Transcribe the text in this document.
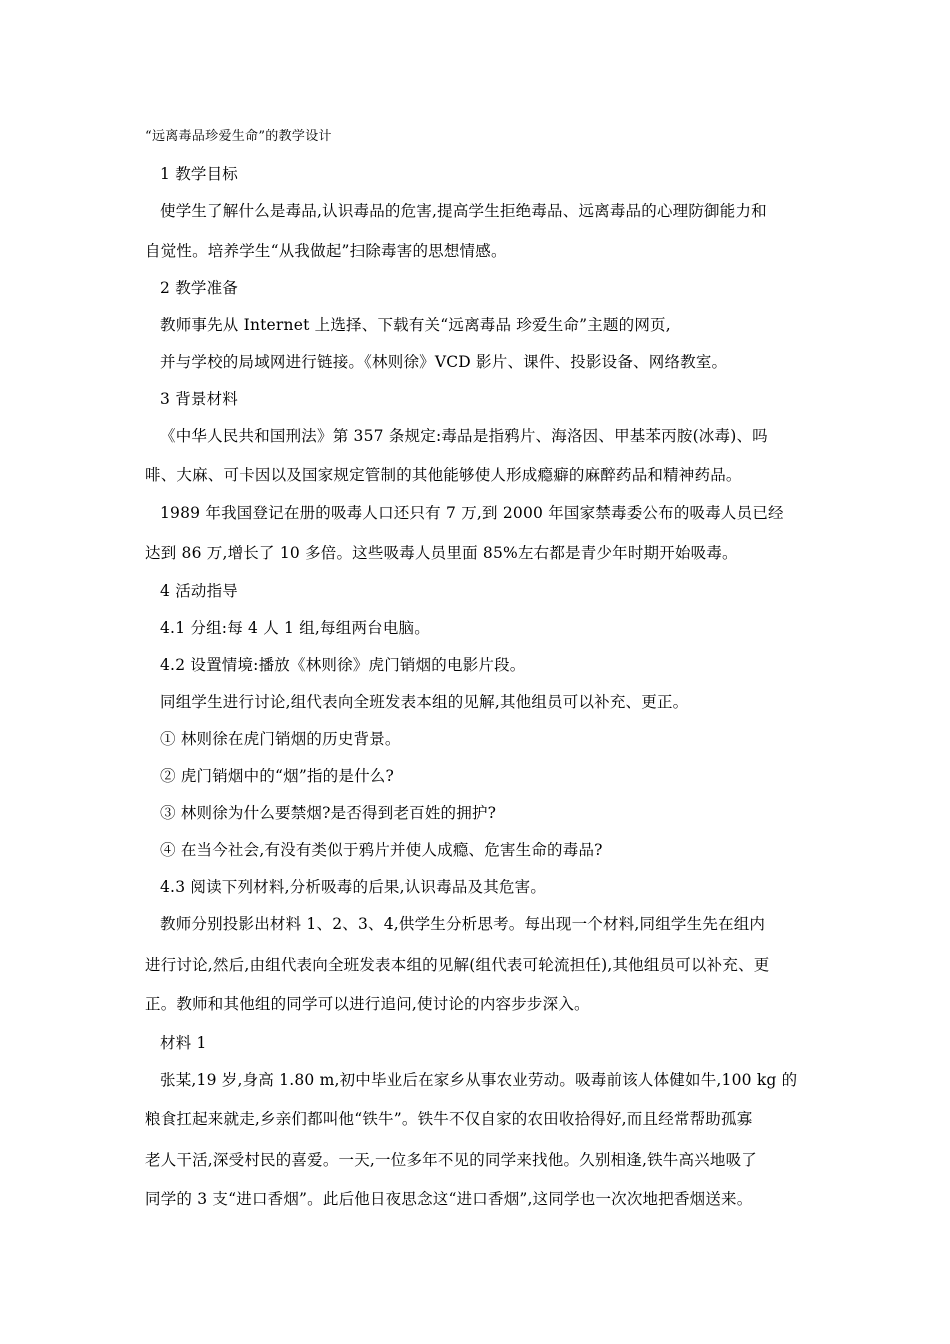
“远离毒品珍爱生命”的教学设计

1 教学目标

使学生了解什么是毒品,认识毒品的危害,提高学生拒绝毒品、远离毒品的心理防御能力和

自觉性。培养学生“从我做起”扫除毒害的思想情感。

2 教学准备

教师事先从 Internet 上选择、下载有关“远离毒品 珍爱生命”主题的网页,

并与学校的局域网进行链接。《林则徐》VCD 影片、课件、投影设备、网络教室。

3 背景材料

《中华人民共和国刑法》第 357 条规定:毒品是指鸦片、海洛因、甲基苯丙胺(冰毒)、吗

啡、大麻、可卡因以及国家规定管制的其他能够使人形成瘾癖的麻醉药品和精神药品。

1989 年我国登记在册的吸毒人口还只有 7 万,到 2000 年国家禁毒委公布的吸毒人员已经

达到 86 万,增长了 10 多倍。这些吸毒人员里面 85%左右都是青少年时期开始吸毒。

4 活动指导

4.1 分组:每 4 人 1 组,每组两台电脑。

4.2 设置情境:播放《林则徐》虎门销烟的电影片段。

同组学生进行讨论,组代表向全班发表本组的见解,其他组员可以补充、更正。

① 林则徐在虎门销烟的历史背景。

② 虎门销烟中的“烟”指的是什么?

③ 林则徐为什么要禁烟?是否得到老百姓的拥护?

④ 在当今社会,有没有类似于鸦片并使人成瘾、危害生命的毒品?

4.3 阅读下列材料,分析吸毒的后果,认识毒品及其危害。

教师分别投影出材料 1、2、3、4,供学生分析思考。每出现一个材料,同组学生先在组内

进行讨论,然后,由组代表向全班发表本组的见解(组代表可轮流担任),其他组员可以补充、更

正。教师和其他组的同学可以进行追问,使讨论的内容步步深入。

材料 1

张某,19 岁,身高 1.80 m,初中毕业后在家乡从事农业劳动。吸毒前该人体健如牛,100 kg 的

粮食扛起来就走,乡亲们都叫他“铁牛”。铁牛不仅自家的农田收拾得好,而且经常帮助孤寡

老人干活,深受村民的喜爱。一天,一位多年不见的同学来找他。久别相逢,铁牛高兴地吸了

同学的 3 支“进口香烟”。此后他日夜思念这“进口香烟”,这同学也一次次地把香烟送来。
